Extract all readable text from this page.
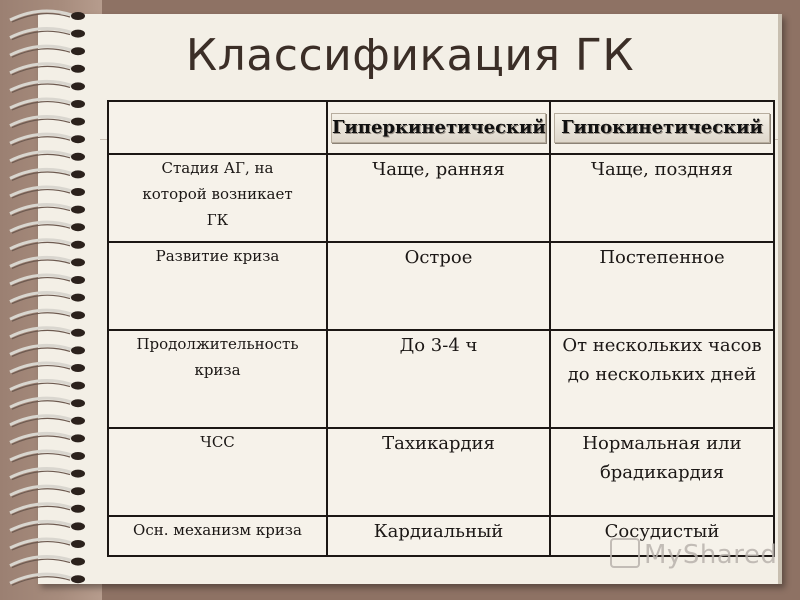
Классификация ГК

	Гиперкинетический	Гипокинетический

Стадия АГ, на
которой возникает
ГК	Чаще, ранняя	Чаще, поздняя

Развитие криза	Острое	Постепенное

Продолжительность
криза	До 3-4 ч	От нескольких часов до нескольких дней

ЧСС	Тахикардия	Нормальная или брадикардия

Осн. механизм криза	Кардиальный	Сосудистый
MyShared
